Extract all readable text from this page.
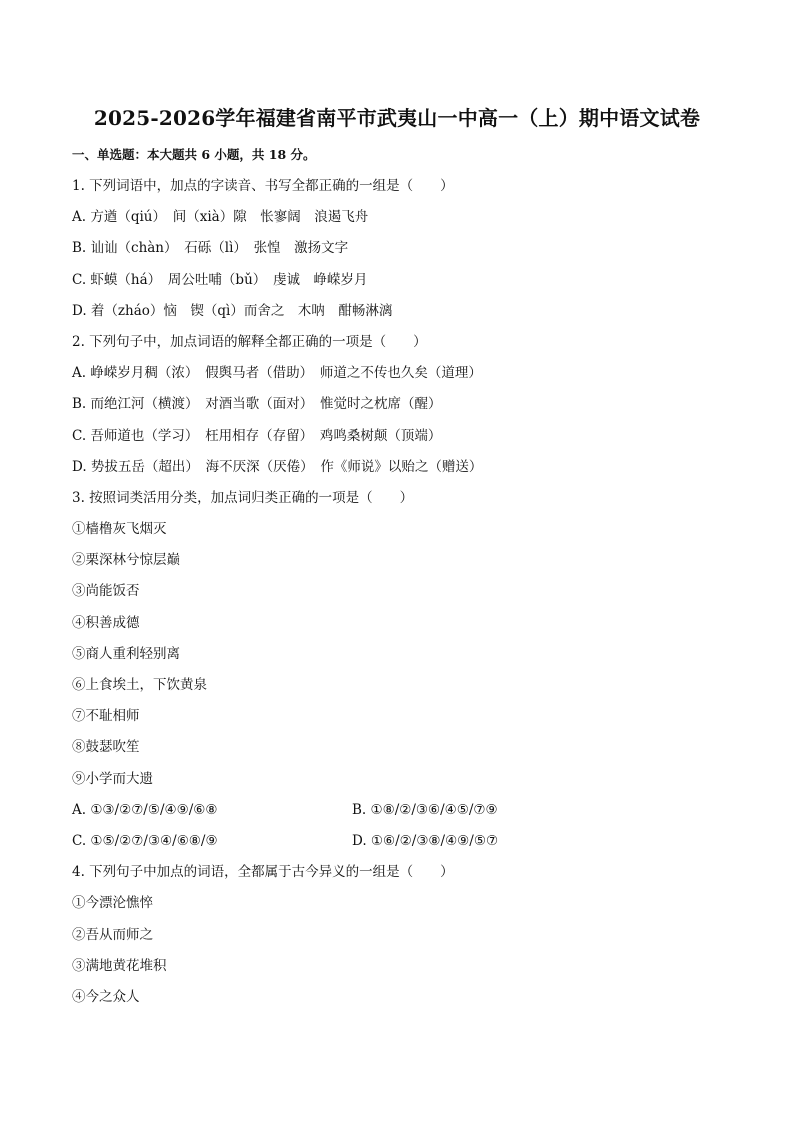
2025-2026学年福建省南平市武夷山一中高一（上）期中语文试卷
一、单选题：本大题共 6 小题，共 18 分。
1. 下列词语中，加点的字读音、书写全都正确的一组是（　　）
A. 方遒（qiú）　间（xià）隙　怅寥阔　浪遏飞舟
B. 讪讪（chàn）　石砾（lì）　张惶　激扬文字
C. 虾蟆（há）　周公吐哺（bǔ）　虔诚　峥嵘岁月
D. 着（zháo）恼　锲（qì）而舍之　木呐　酣畅淋漓
2. 下列句子中，加点词语的解释全都正确的一项是（　　）
A. 峥嵘岁月稠（浓）　假舆马者（借助）　师道之不传也久矣（道理）
B. 而绝江河（横渡）　对酒当歌（面对）　惟觉时之枕席（醒）
C. 吾师道也（学习）　枉用相存（存留）　鸡鸣桑树颠（顶端）
D. 势拔五岳（超出）　海不厌深（厌倦）　作《师说》以贻之（赠送）
3. 按照词类活用分类，加点词归类正确的一项是（　　）
①樯橹灰飞烟灭
②栗深林兮惊层巅
③尚能饭否
④积善成德
⑤商人重利轻别离
⑥上食埃土，下饮黄泉
⑦不耻相师
⑧鼓瑟吹笙
⑨小学而大遗
A. ①③/②⑦/⑤/④⑨/⑥⑧	B. ①⑧/②/③⑥/④⑤/⑦⑨
C. ①⑤/②⑦/③④/⑥⑧/⑨	D. ①⑥/②/③⑧/④⑨/⑤⑦
4. 下列句子中加点的词语，全都属于古今异义的一组是（　　）
①今漂沦憔悴
②吾从而师之
③满地黄花堆积
④今之众人
